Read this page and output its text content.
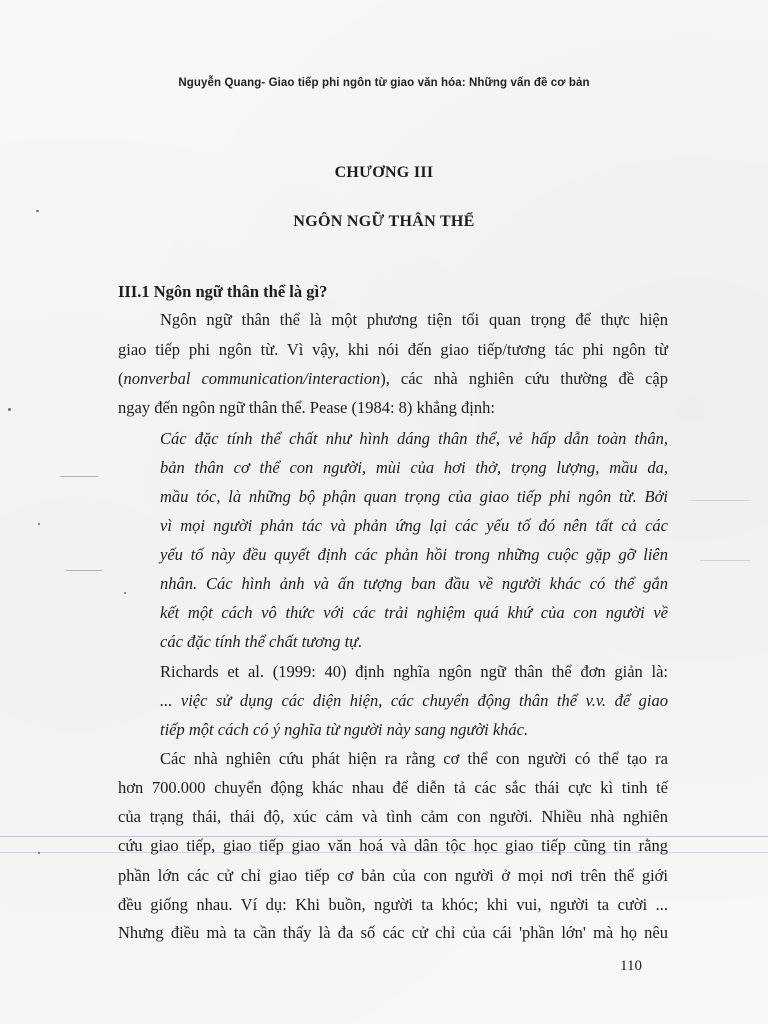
Nguyễn Quang- Giao tiếp phi ngôn từ giao văn hóa: Những vấn đề cơ bản
CHƯƠNG III
NGÔN NGỮ THÂN THỂ
III.1 Ngôn ngữ thân thể là gì?
Ngôn ngữ thân thể là một phương tiện tối quan trọng để thực hiện
giao tiếp phi ngôn từ. Vì vậy, khi nói đến giao tiếp/tương tác phi ngôn từ
(nonverbal communication/interaction), các nhà nghiên cứu thường đề cập
ngay đến ngôn ngữ thân thể. Pease (1984: 8) khẳng định:
Các đặc tính thể chất như hình dáng thân thể, vẻ hấp dẫn toàn thân,
bản thân cơ thể con người, mùi của hơi thở, trọng lượng, mầu da,
mầu tóc, là những bộ phận quan trọng của giao tiếp phi ngôn từ. Bởi
vì mọi người phản tác và phản ứng lại các yếu tố đó nên tất cả các
yếu tố này đều quyết định các phản hồi trong những cuộc gặp gỡ liên
nhân. Các hình ảnh và ấn tượng ban đầu về người khác có thể gắn
kết một cách vô thức với các trải nghiệm quá khứ của con người về
các đặc tính thể chất tương tự.
Richards et al. (1999: 40) định nghĩa ngôn ngữ thân thể đơn giản là:
... việc sử dụng các diện hiện, các chuyển động thân thể v.v. để giao
tiếp một cách có ý nghĩa từ người này sang người khác.
Các nhà nghiên cứu phát hiện ra rằng cơ thể con người có thể tạo ra
hơn 700.000 chuyển động khác nhau để diễn tả các sắc thái cực kì tinh tế
của trạng thái, thái độ, xúc cảm và tình cảm con người. Nhiều nhà nghiên
cứu giao tiếp, giao tiếp giao văn hoá và dân tộc học giao tiếp cũng tin rằng
phần lớn các cử chỉ giao tiếp cơ bản của con người ở mọi nơi trên thế giới
đều giống nhau. Ví dụ: Khi buồn, người ta khóc; khi vui, người ta cười ...
Nhưng điều mà ta cần thấy là đa số các cử chỉ của cái 'phần lớn' mà họ nêu
110
